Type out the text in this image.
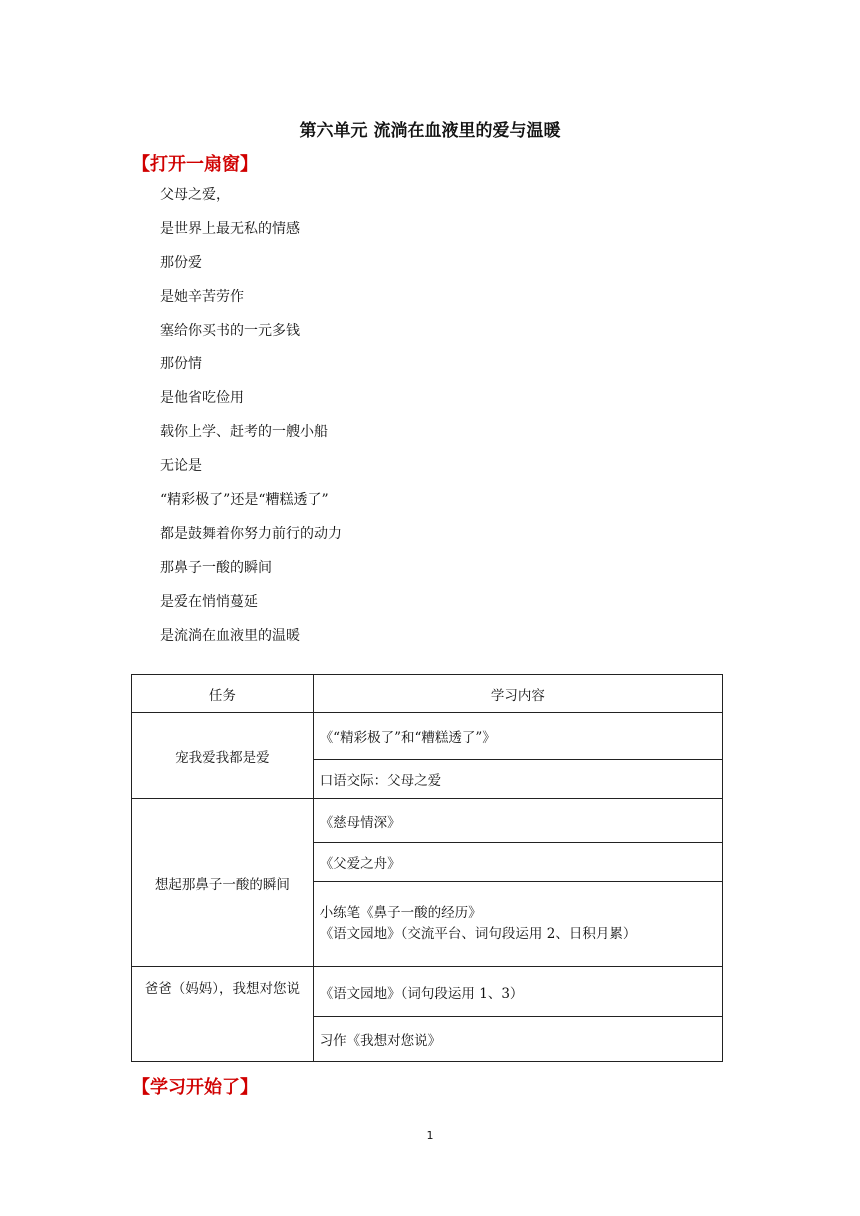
第六单元 流淌在血液里的爱与温暖
【打开一扇窗】
父母之爱，
是世界上最无私的情感
那份爱
是她辛苦劳作
塞给你买书的一元多钱
那份情
是他省吃俭用
载你上学、赶考的一艘小船
无论是
“精彩极了”还是“糟糕透了”
都是鼓舞着你努力前行的动力
那鼻子一酸的瞬间
是爱在悄悄蔓延
是流淌在血液里的温暖
任务	学习内容
宠我爱我都是爱	《“精彩极了”和“糟糕透了”》
	口语交际：父母之爱
想起那鼻子一酸的瞬间	《慈母情深》
	《父爱之舟》

	小练笔《鼻子一酸的经历》
《语文园地》（交流平台、词句段运用 2、日积月累）

爸爸（妈妈），我想对您说	《语文园地》（词句段运用 1、3）
	习作《我想对您说》
【学习开始了】
1
